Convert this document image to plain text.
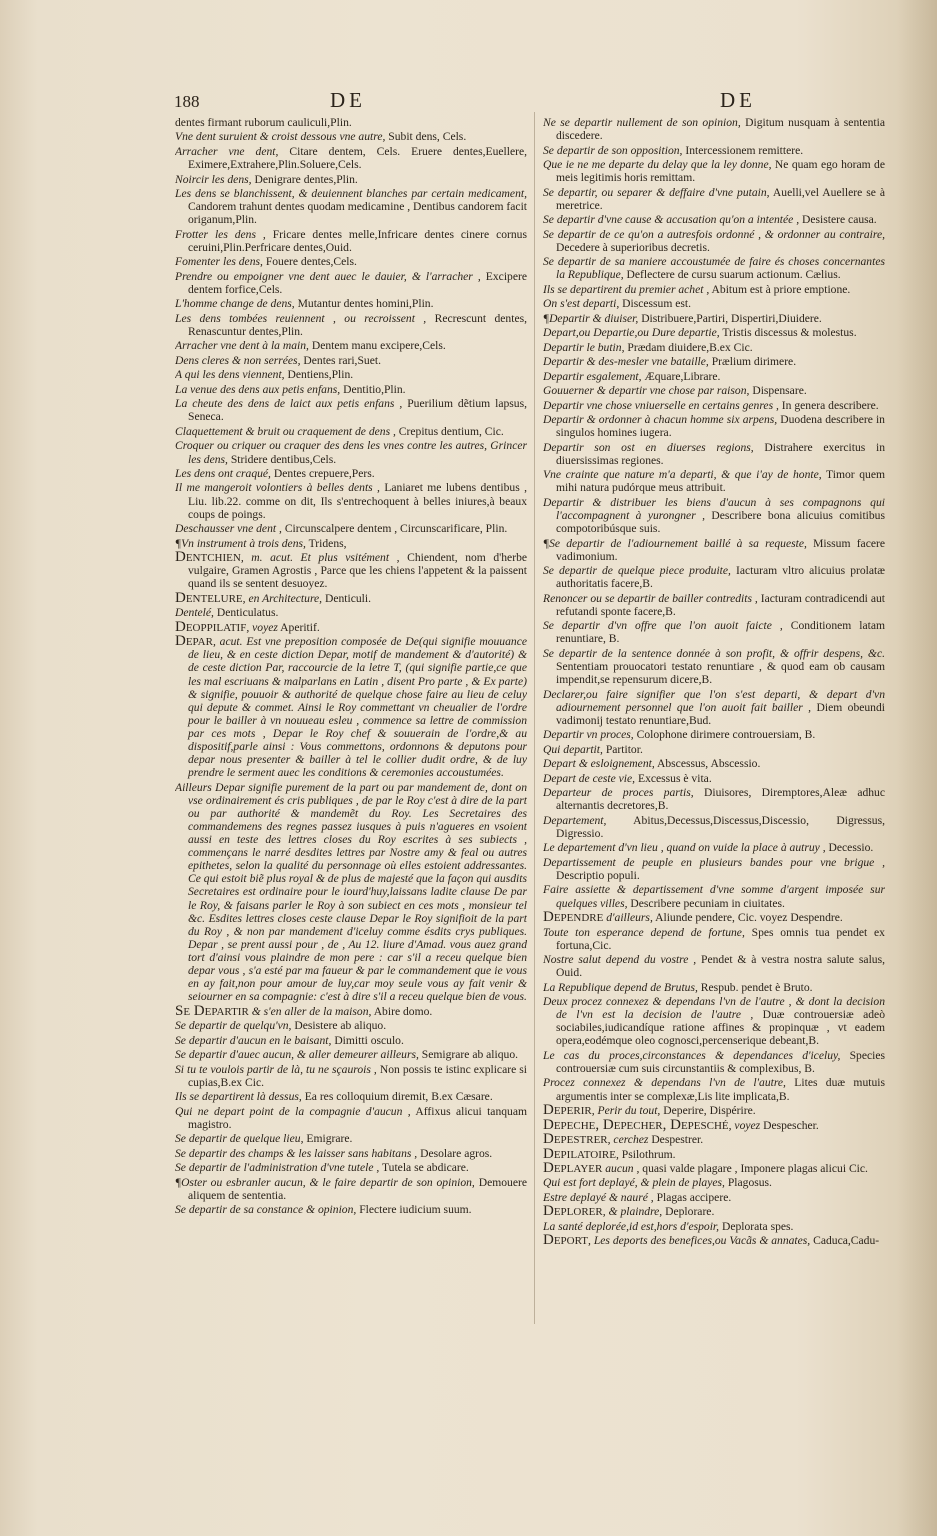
188	DE	DE

dentes firmant ruborum cauliculi,Plin.

Vne dent suruient & croist dessous vne autre, Subit dens, Cels.

Arracher vne dent, Citare dentem, Cels. Eruere dentes,Euellere, Eximere,Extrahere,Plin.Soluere,Cels.

Noircir les dens, Denigrare dentes,Plin.

Les dens se blanchissent, & deuiennent blanches par certain medicament, Candorem trahunt dentes quodam medicamine , Dentibus candorem facit origanum,Plin.

Frotter les dens , Fricare dentes melle,Infricare dentes cinere cornus ceruini,Plin.Perfricare dentes,Ouid.

Fomenter les dens, Fouere dentes,Cels.

Prendre ou empoigner vne dent auec le dauier, & l'arracher , Excipere dentem forfice,Cels.

L'homme change de dens, Mutantur dentes homini,Plin.

Les dens tombées reuiennent , ou recroissent , Recrescunt dentes, Renascuntur dentes,Plin.

Arracher vne dent à la main, Dentem manu excipere,Cels.

Dens cleres & non serrées, Dentes rari,Suet.

A qui les dens viennent, Dentiens,Plin.

La venue des dens aux petis enfans, Dentitio,Plin.

La cheute des dens de laict aux petis enfans , Puerilium dẽtium lapsus, Seneca.

Claquettement & bruit ou craquement de dens , Crepitus dentium, Cic.

Croquer ou criquer ou craquer des dens les vnes contre les autres, Grincer les dens, Stridere dentibus,Cels.

Les dens ont craqué, Dentes crepuere,Pers.

Il me mangeroit volontiers à belles dents , Laniaret me lubens dentibus , Liu. lib.22. comme on dit, Ils s'entrechoquent à belles iniures,à beaux coups de poings.

Deschausser vne dent , Circunscalpere dentem , Circunscarificare, Plin.

¶Vn instrument à trois dens, Tridens,

Dentchien, m. acut. Et plus vsitément , Chiendent, nom d'herbe vulgaire, Gramen Agrostis , Parce que les chiens l'appetent & la paissent quand ils se sentent desuoyez.

Dentelure, en Architecture, Denticuli.

Dentelé, Denticulatus.

Deoppilatif, voyez Aperitif.

Depar, acut. Est vne preposition composée de De(qui signifie mouuance de lieu, & en ceste diction Depar, motif de mandement & d'autorité) & de ceste diction Par, raccourcie de la letre T, (qui signifie partie,ce que les mal escriuans & malparlans en Latin , disent Pro parte , & Ex parte) & signifie, pouuoir & authorité de quelque chose faire au lieu de celuy qui depute & commet. Ainsi le Roy commettant vn cheualier de l'ordre pour le bailler à vn nouueau esleu , commence sa lettre de commission par ces mots , Depar le Roy chef & souuerain de l'ordre,& au dispositif,parle ainsi : Vous commettons, ordonnons & deputons pour depar nous presenter & bailler à tel le collier dudit ordre, & de luy prendre le serment auec les conditions & ceremonies accoustumées.

Ailleurs Depar signifie purement de la part ou par mandement de, dont on vse ordinairement és cris publiques , de par le Roy c'est à dire de la part ou par authorité & mandemẽt du Roy. Les Secretaires des commandemens des regnes passez iusques à puis n'agueres en vsoient aussi en teste des lettres closes du Roy escrites à ses subiects , commençans le narré desdites lettres par Nostre amy & feal ou autres epithetes, selon la qualité du personnage où elles estoient addressantes. Ce qui estoit biẽ plus royal & de plus de majesté que la façon qui ausdits Secretaires est ordinaire pour le iourd'huy,laissans ladite clause De par le Roy, & faisans parler le Roy à son subiect en ces mots , monsieur tel &c. Esdites lettres closes ceste clause Depar le Roy signifioit de la part du Roy , & non par mandement d'iceluy comme ésdits crys publiques. Depar , se prent aussi pour , de , Au 12. liure d'Amad. vous auez grand tort d'ainsi vous plaindre de mon pere : car s'il a receu quelque bien depar vous , s'a esté par ma faueur & par le commandement que ie vous en ay fait,non pour amour de luy,car moy seule vous ay fait venir & seiourner en sa compagnie: c'est à dire s'il a receu quelque bien de vous.

Se Departir & s'en aller de la maison, Abire domo.

Se departir de quelqu'vn, Desistere ab aliquo.

Se departir d'aucun en le baisant, Dimitti osculo.

Se departir d'auec aucun, & aller demeurer ailleurs, Semigrare ab aliquo.

Si tu te voulois partir de là, tu ne sçaurois , Non possis te istinc explicare si cupias,B.ex Cic.

Ils se departirent là dessus, Ea res colloquium diremit, B.ex Cæsare.

Qui ne depart point de la compagnie d'aucun , Affixus alicui tanquam magistro.

Se departir de quelque lieu, Emigrare.

Se departir des champs & les laisser sans habitans , Desolare agros.

Se departir de l'administration d'vne tutele , Tutela se abdicare.

¶Oster ou esbranler aucun, & le faire departir de son opinion, Demouere aliquem de sententia.

Se departir de sa constance & opinion, Flectere iudicium suum.

Ne se departir nullement de son opinion, Digitum nusquam à sententia discedere.

Se departir de son opposition, Intercessionem remittere.

Que ie ne me departe du delay que la ley donne, Ne quam ego horam de meis legitimis horis remittam.

Se departir, ou separer & deffaire d'vne putain, Auelli,vel Auellere se à meretrice.

Se departir d'vne cause & accusation qu'on a intentée , Desistere causa.

Se departir de ce qu'on a autresfois ordonné , & ordonner au contraire, Decedere à superioribus decretis.

Se departir de sa maniere accoustumée de faire és choses concernantes la Republique, Deflectere de cursu suarum actionum. Cælius.

Ils se departirent du premier achet , Abitum est à priore emptione.

On s'est departi, Discessum est.

¶Departir & diuiser, Distribuere,Partiri, Dispertiri,Diuidere.

Depart,ou Departie,ou Dure departie, Tristis discessus & molestus.

Departir le butin, Prædam diuidere,B.ex Cic.

Departir & des-mesler vne bataille, Prælium dirimere.

Departir esgalement, Æquare,Librare.

Gouuerner & departir vne chose par raison, Dispensare.

Departir vne chose vniuerselle en certains genres , In genera describere.

Departir & ordonner à chacun homme six arpens, Duodena describere in singulos homines iugera.

Departir son ost en diuerses regions, Distrahere exercitus in diuersissimas regiones.

Vne crainte que nature m'a departi, & que i'ay de honte, Timor quem mihi natura pudórque meus attribuit.

Departir & distribuer les biens d'aucun à ses compagnons qui l'accompagnent à yurongner , Describere bona alicuius comitibus compotoribúsque suis.

¶Se departir de l'adiournement baillé à sa requeste, Missum facere vadimonium.

Se departir de quelque piece produite, Iacturam vltro alicuius prolatæ authoritatis facere,B.

Renoncer ou se departir de bailler contredits , Iacturam contradicendi aut refutandi sponte facere,B.

Se departir d'vn offre que l'on auoit faicte , Conditionem latam renuntiare, B.

Se departir de la sentence donnée à son profit, & offrir despens, &c. Sententiam prouocatori testato renuntiare , & quod eam ob causam impendit,se repensurum dicere,B.

Declarer,ou faire signifier que l'on s'est departi, & depart d'vn adiournement personnel que l'on auoit fait bailler , Diem obeundi vadimonij testato renuntiare,Bud.

Departir vn proces, Colophone dirimere controuersiam, B.

Qui departit, Partitor.

Depart & esloignement, Abscessus, Abscessio.

Depart de ceste vie, Excessus è vita.

Departeur de proces partis, Diuisores, Diremptores,Aleæ adhuc alternantis decretores,B.

Departement, Abitus,Decessus,Discessus,Discessio, Digressus, Digressio.

Le departement d'vn lieu , quand on vuide la place à autruy , Decessio.

Departissement de peuple en plusieurs bandes pour vne brigue , Descriptio populi.

Faire assiette & departissement d'vne somme d'argent imposée sur quelques villes, Describere pecuniam in ciuitates.

Dependre d'ailleurs, Aliunde pendere, Cic. voyez Despendre.

Toute ton esperance depend de fortune, Spes omnis tua pendet ex fortuna,Cic.

Nostre salut depend du vostre , Pendet & à vestra nostra salute salus, Ouid.

La Republique depend de Brutus, Respub. pendet è Bruto.

Deux procez connexez & dependans l'vn de l'autre , & dont la decision de l'vn est la decision de l'autre , Duæ controuersiæ adeò sociabiles,iudicandíque ratione affines & propinquæ , vt eadem opera,eodémque oleo cognosci,percenserique debeant,B.

Le cas du proces,circonstances & dependances d'iceluy, Species controuersiæ cum suis circunstantiis & complexibus, B.

Procez connexez & dependans l'vn de l'autre, Lites duæ mutuis argumentis inter se complexæ,Lis lite implicata,B.

Deperir, Perir du tout, Deperire, Dispérire.

Depeche, Depecher, Depesché, voyez Despescher.

Depestrer, cerchez Despestrer.

Depilatoire, Psilothrum.

Deplayer aucun , quasi valde plagare , Imponere plagas alicui Cic.

Qui est fort deplayé, & plein de playes, Plagosus.

Estre deplayé & nauré , Plagas accipere.

Deplorer, & plaindre, Deplorare.

La santé deplorée,id est,hors d'espoir, Deplorata spes.

Deport, Les deports des benefices,ou Vacãs & annates, Caduca,Cadu-
